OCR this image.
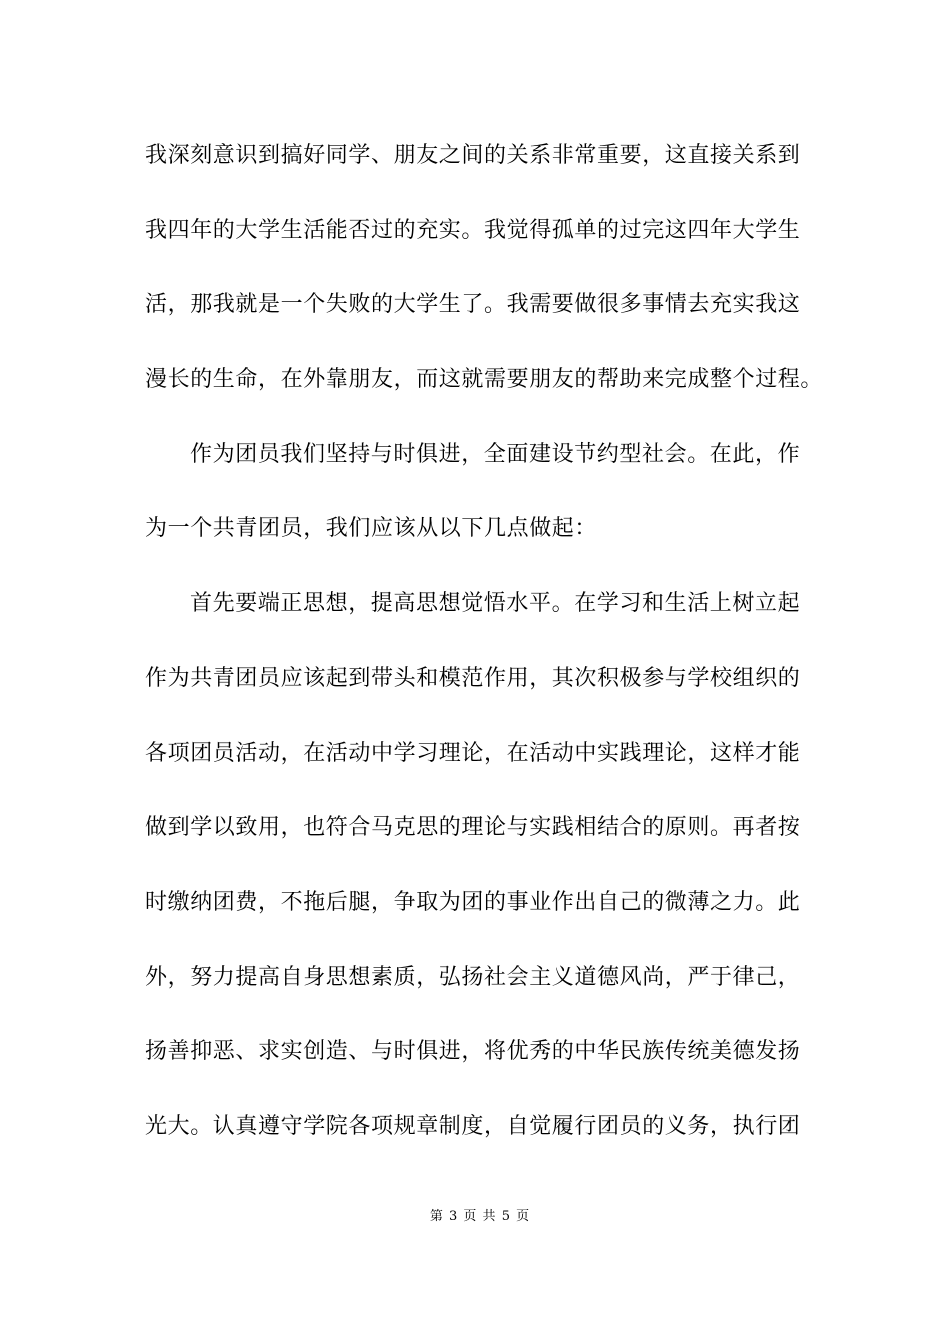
我深刻意识到搞好同学、朋友之间的关系非常重要，这直接关系到
我四年的大学生活能否过的充实。我觉得孤单的过完这四年大学生
活，那我就是一个失败的大学生了。我需要做很多事情去充实我这
漫长的生命，在外靠朋友，而这就需要朋友的帮助来完成整个过程。
作为团员我们坚持与时俱进，全面建设节约型社会。在此，作
为一个共青团员，我们应该从以下几点做起：
首先要端正思想，提高思想觉悟水平。在学习和生活上树立起
作为共青团员应该起到带头和模范作用，其次积极参与学校组织的
各项团员活动，在活动中学习理论，在活动中实践理论，这样才能
做到学以致用，也符合马克思的理论与实践相结合的原则。再者按
时缴纳团费，不拖后腿，争取为团的事业作出自己的微薄之力。此
外，努力提高自身思想素质，弘扬社会主义道德风尚，严于律己，
扬善抑恶、求实创造、与时俱进，将优秀的中华民族传统美德发扬
光大。认真遵守学院各项规章制度，自觉履行团员的义务，执行团
第 3 页 共 5 页
